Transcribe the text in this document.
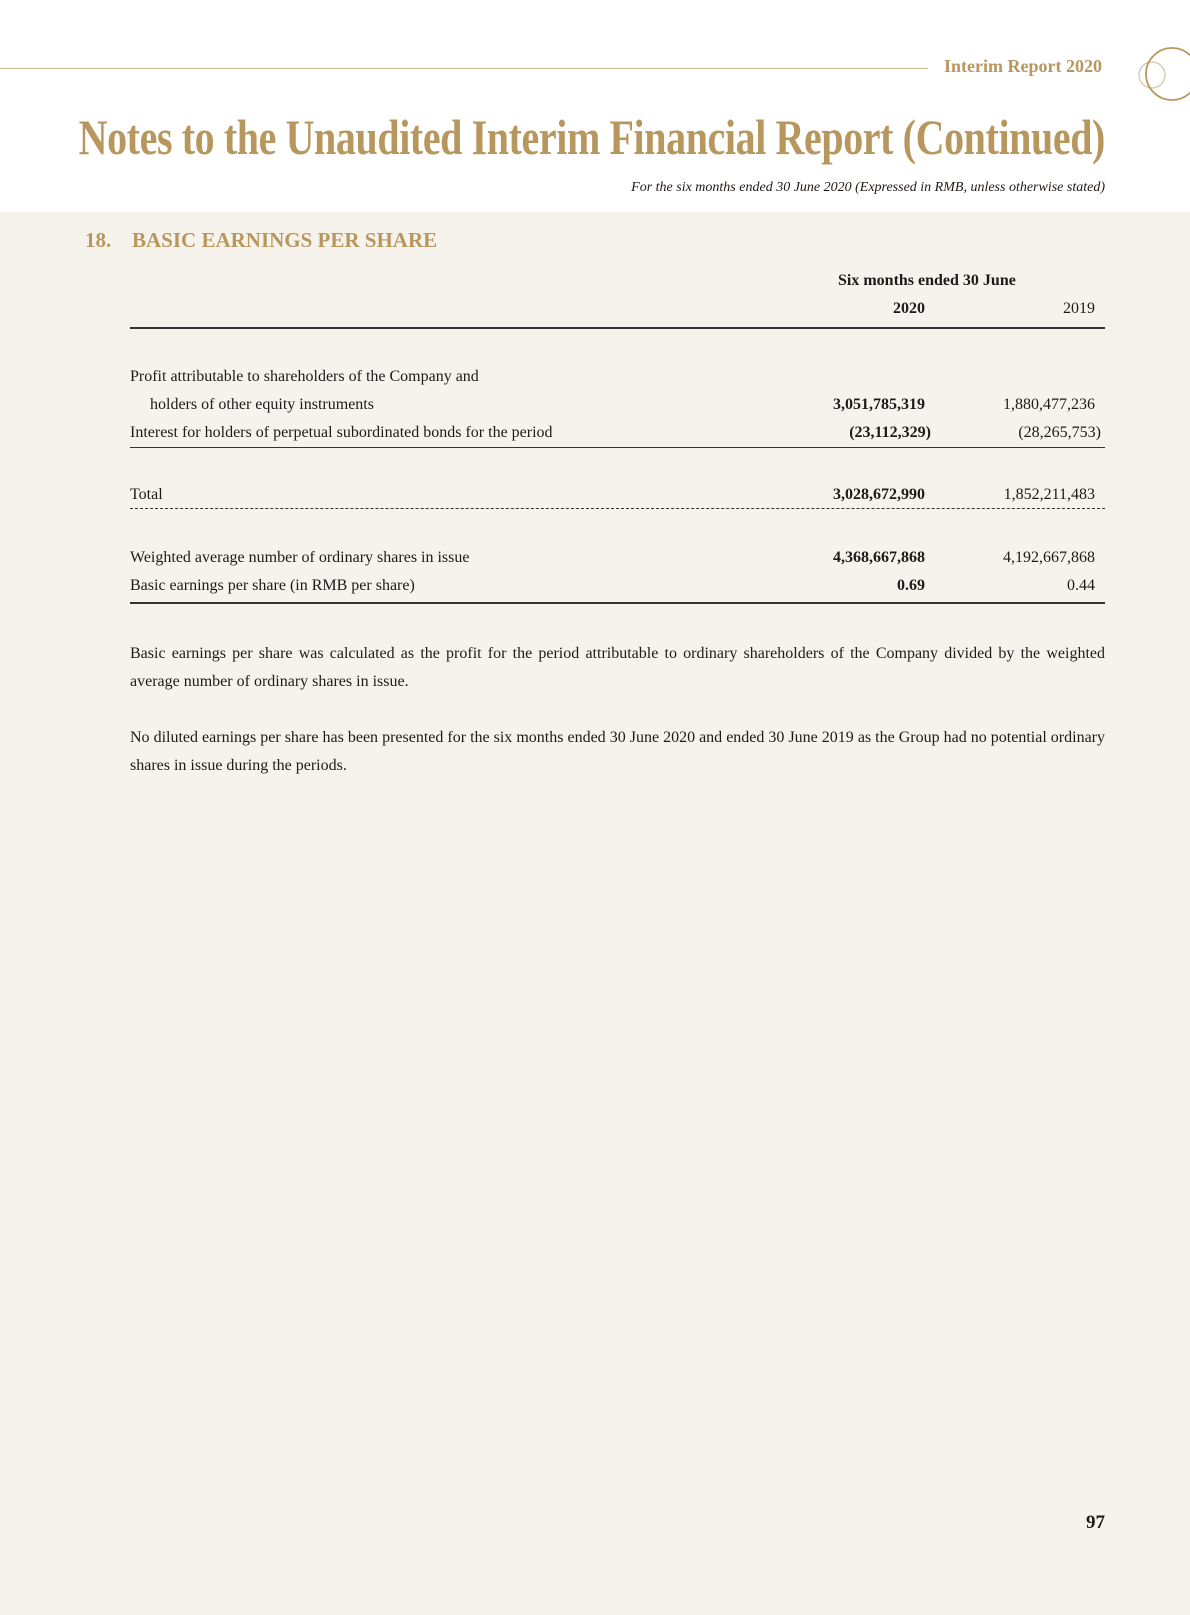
Interim Report 2020
Notes to the Unaudited Interim Financial Report (Continued)
For the six months ended 30 June 2020 (Expressed in RMB, unless otherwise stated)
18. BASIC EARNINGS PER SHARE
Six months ended 30 June
2020	2019
Profit attributable to shareholders of the Company and
holders of other equity instruments	3,051,785,319	1,880,477,236
Interest for holders of perpetual subordinated bonds for the period	(23,112,329)	(28,265,753)
Total	3,028,672,990	1,852,211,483
Weighted average number of ordinary shares in issue	4,368,667,868	4,192,667,868
Basic earnings per share (in RMB per share)	0.69	0.44
Basic earnings per share was calculated as the profit for the period attributable to ordinary shareholders of the Company divided by the weighted average number of ordinary shares in issue.
No diluted earnings per share has been presented for the six months ended 30 June 2020 and ended 30 June 2019 as the Group had no potential ordinary shares in issue during the periods.
97
